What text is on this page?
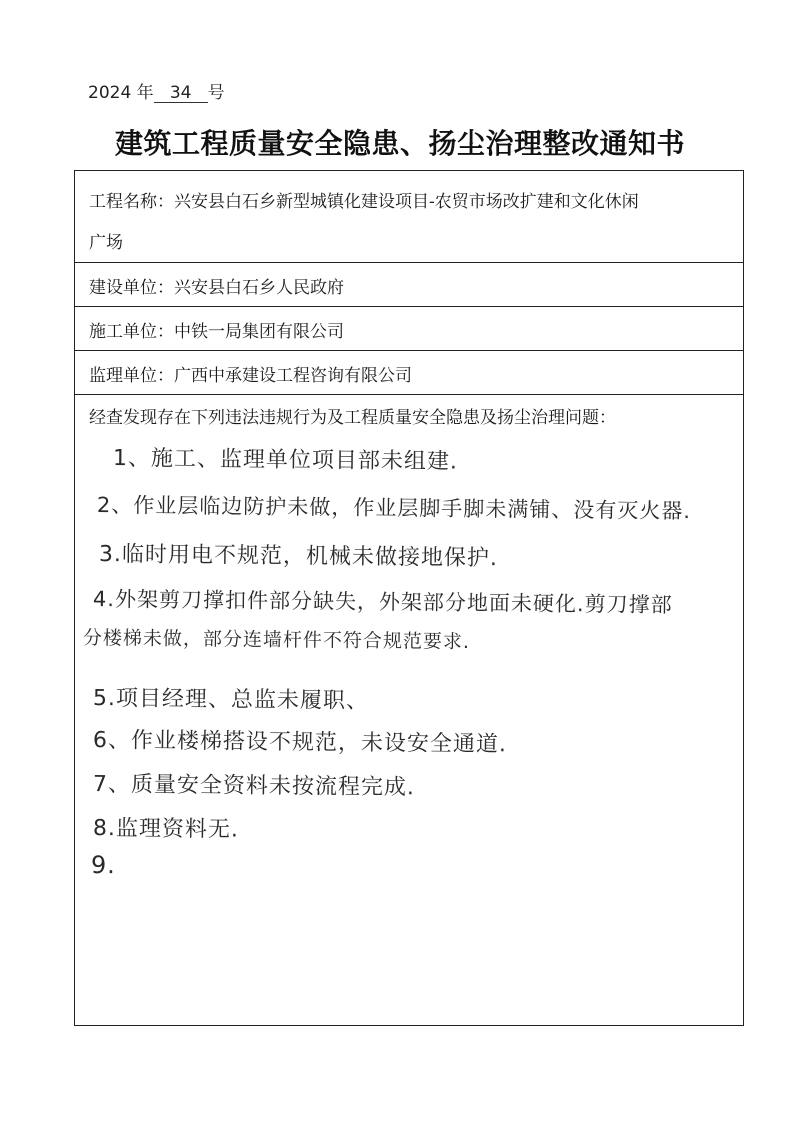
2024 年 34 号
建筑工程质量安全隐患、扬尘治理整改通知书
工程名称：兴安县白石乡新型城镇化建设项目-农贸市场改扩建和文化休闲
广场
建设单位：兴安县白石乡人民政府
施工单位：中铁一局集团有限公司
监理单位：广西中承建设工程咨询有限公司
经查发现存在下列违法违规行为及工程质量安全隐患及扬尘治理问题：
1、施工、监理单位项目部未组建.
2、作业层临边防护未做，作业层脚手脚未满铺、没有灭火器.
3.临时用电不规范，机械未做接地保护.
4.外架剪刀撑扣件部分缺失，外架部分地面未硬化.剪刀撑部
分楼梯未做，部分连墙杆件不符合规范要求.
5.项目经理、总监未履职、
6、作业楼梯搭设不规范，未设安全通道.
7、质量安全资料未按流程完成.
8.监理资料无.
9.
